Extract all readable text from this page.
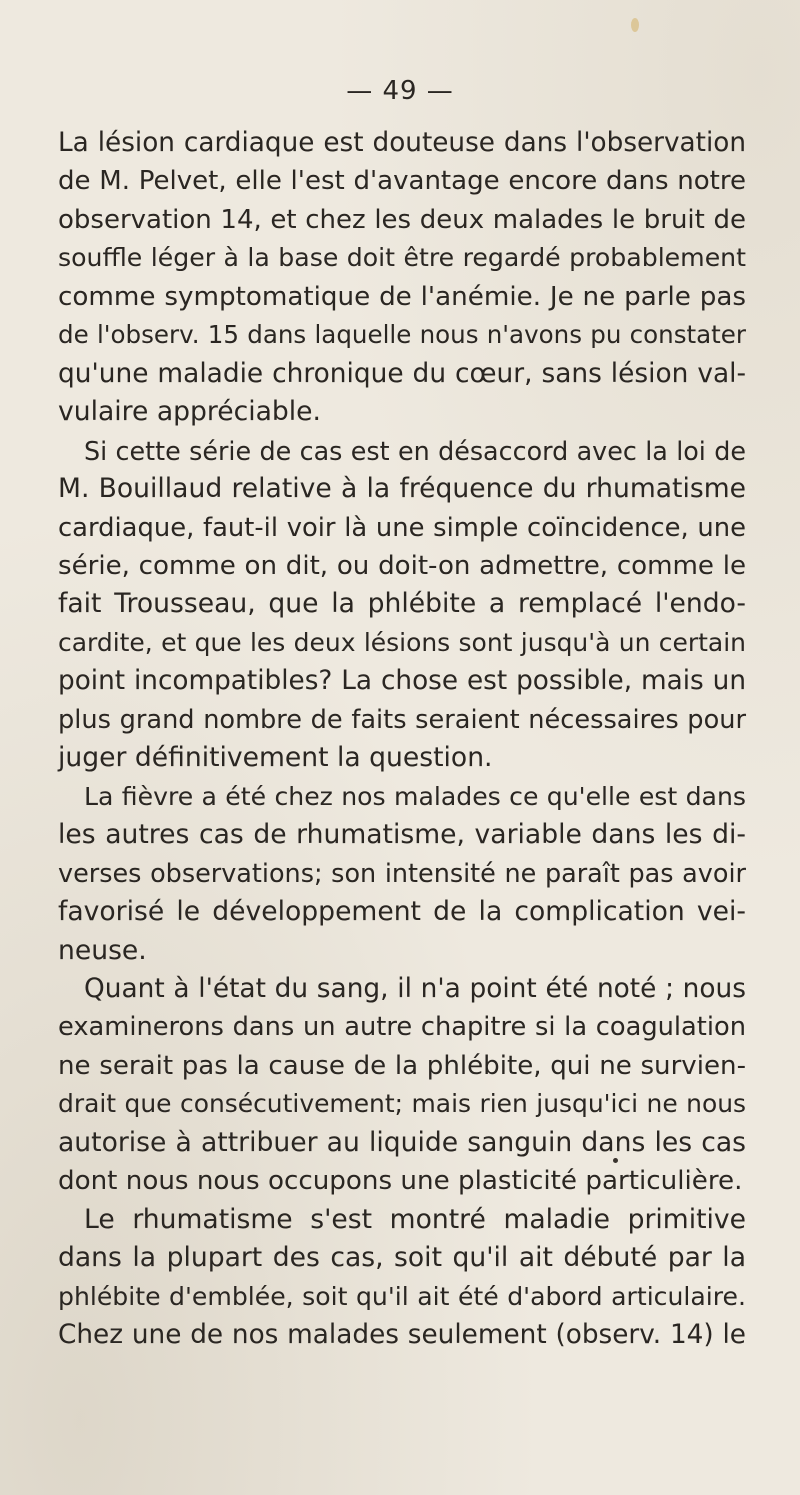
— 49 —
La lésion cardiaque est douteuse dans l'observation
de M. Pelvet, elle l'est d'avantage encore dans notre
observation 14, et chez les deux malades le bruit de
souffle léger à la base doit être regardé probablement
comme symptomatique de l'anémie. Je ne parle pas
de l'observ. 15 dans laquelle nous n'avons pu constater
qu'une maladie chronique du cœur, sans lésion val-
vulaire appréciable.
Si cette série de cas est en désaccord avec la loi de
M. Bouillaud relative à la fréquence du rhumatisme
cardiaque, faut-il voir là une simple coïncidence, une
série, comme on dit, ou doit-on admettre, comme le
fait Trousseau, que la phlébite a remplacé l'endo-
cardite, et que les deux lésions sont jusqu'à un certain
point incompatibles? La chose est possible, mais un
plus grand nombre de faits seraient nécessaires pour
juger définitivement la question.
La fièvre a été chez nos malades ce qu'elle est dans
les autres cas de rhumatisme, variable dans les di-
verses observations; son intensité ne paraît pas avoir
favorisé le développement de la complication vei-
neuse.
Quant à l'état du sang, il n'a point été noté ; nous
examinerons dans un autre chapitre si la coagulation
ne serait pas la cause de la phlébite, qui ne survien-
drait que consécutivement; mais rien jusqu'ici ne nous
autorise à attribuer au liquide sanguin dans les cas
dont nous nous occupons une plasticité particulière.
Le rhumatisme s'est montré maladie primitive
dans la plupart des cas, soit qu'il ait débuté par la
phlébite d'emblée, soit qu'il ait été d'abord articulaire.
Chez une de nos malades seulement (observ. 14) le
